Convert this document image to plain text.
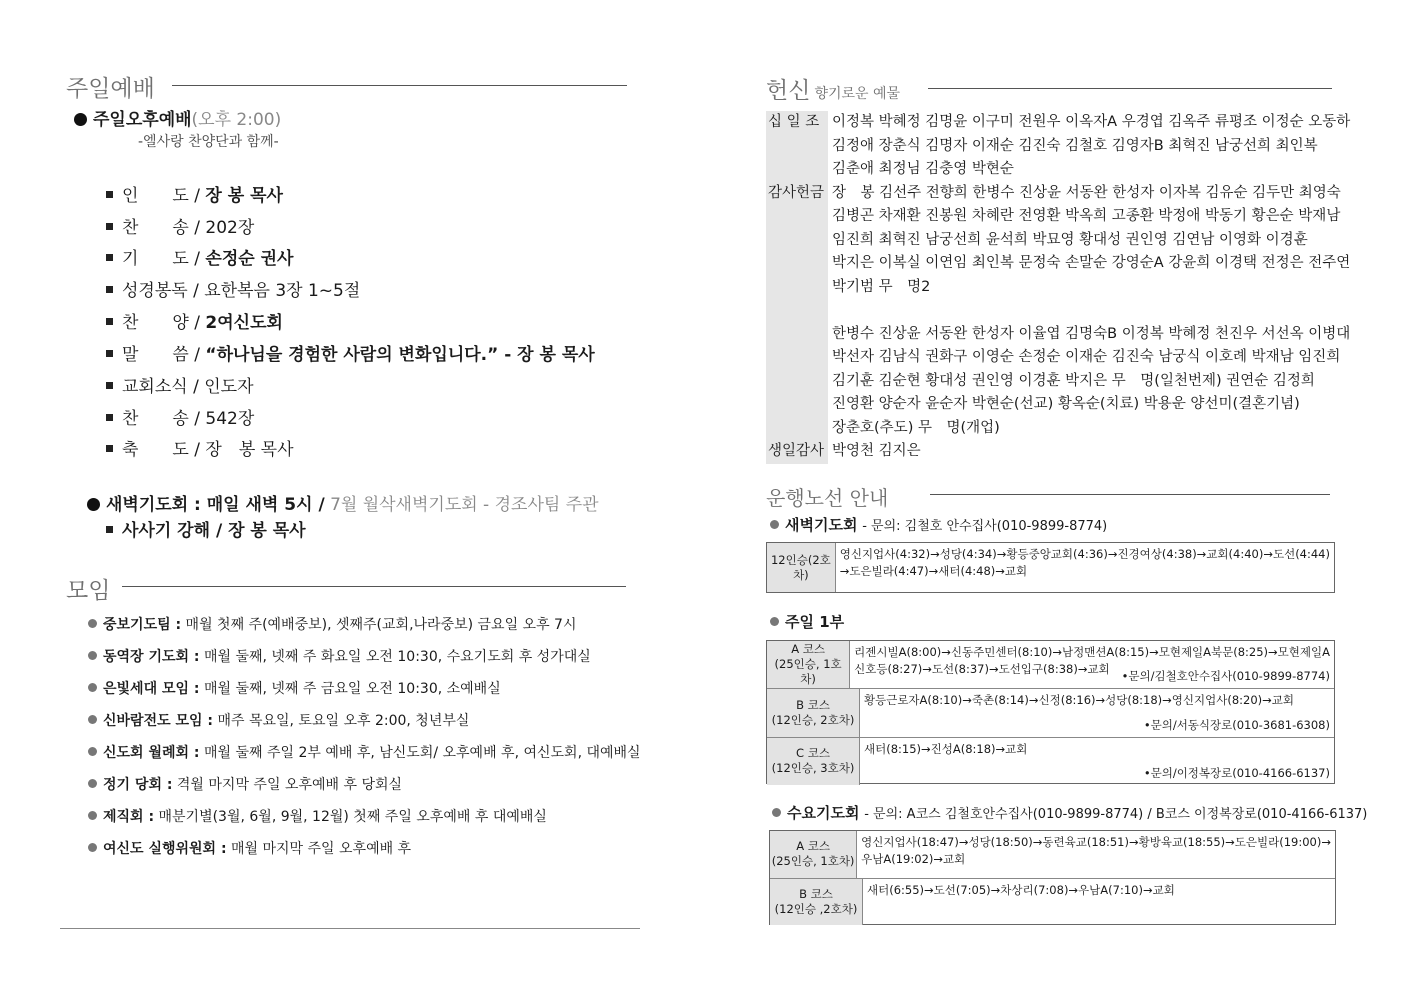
주일예배
주일오후예배(오후 2:00)
-엘사랑 찬양단과 함께-
인　　도 / 장 봉 목사
찬　　송 / 202장
기　　도 / 손정순 권사
성경봉독 / 요한복음 3장 1~5절
찬　　양 / 2여신도회
말　　씀 / “하나님을 경험한 사람의 변화입니다.” - 장 봉 목사
교회소식 / 인도자
찬　　송 / 542장
축　　도 / 장　봉 목사
새벽기도회 : 매일 새벽 5시 / 7월 월삭새벽기도회 - 경조사팀 주관
사사기 강해 / 장 봉 목사
모임
중보기도팀 : 매월 첫째 주(예배중보), 셋째주(교회,나라중보) 금요일 오후 7시
동역장 기도회 : 매월 둘째, 넷째 주 화요일 오전 10:30, 수요기도회 후 성가대실
은빛세대 모임 : 매월 둘째, 넷째 주 금요일 오전 10:30, 소예배실
신바람전도 모임 : 매주 목요일, 토요일 오후 2:00, 청년부실
신도회 월례회 : 매월 둘째 주일 2부 예배 후, 남신도회/ 오후예배 후, 여신도회, 대예배실
정기 당회 : 격월 마지막 주일 오후예배 후 당회실
제직회 : 매분기별(3월, 6월, 9월, 12월) 첫째 주일 오후예배 후 대예배실
여신도 실행위원회 : 매월 마지막 주일 오후예배 후
헌신 향기로운 예물
십 일 조 이정복 박혜정 김명윤 이구미 전원우 이옥자A 우경엽 김옥주 류평조 이정순 오동하
김정애 장춘식 김명자 이재순 김진숙 김철호 김영자B 최혁진 남궁선희 최인복
김춘애 최정님 김충영 박현순
감사헌금 장　봉 김선주 전향희 한병수 진상윤 서동완 한성자 이자복 김유순 김두만 최영숙
김병곤 차재환 진봉원 차혜란 전영환 박옥희 고종환 박정애 박동기 황은순 박재남
임진희 최혁진 남궁선희 윤석희 박묘영 황대성 권인영 김연남 이영화 이경훈
박지은 이복실 이연임 최인복 문정숙 손말순 강영순A 강윤희 이경택 전정은 전주연
박기범 무　명2

한병수 진상윤 서동완 한성자 이율엽 김명숙B 이정복 박혜정 천진우 서선옥 이병대
박선자 김남식 권화구 이영순 손정순 이재순 김진숙 남궁식 이호례 박재남 임진희
김기훈 김순현 황대성 권인영 이경훈 박지은 무　명(일천번제) 권연순 김정희
진영환 양순자 윤순자 박현순(선교) 황옥순(치료) 박용운 양선미(결혼기념)
장춘호(추도) 무　명(개업)
생일감사 박영천 김지은
운행노선 안내
새벽기도회 - 문의: 김철호 안수집사(010-9899-8774)
12인승(2호차)
영신지업사(4:32)→성당(4:34)→황등중앙교회(4:36)→진경여상(4:38)→교회(4:40)→도선(4:44)
→도은빌라(4:47)→새터(4:48)→교회
주일 1부
A 코스
(25인승, 1호차)
리젠시빌A(8:00)→신동주민센터(8:10)→남정맨션A(8:15)→모현제일A북문(8:25)→모현제일A
신호등(8:27)→도선(8:37)→도선입구(8:38)→교회
•문의/김철호안수집사(010-9899-8774)
B 코스
(12인승, 2호차)
황등근로자A(8:10)→죽촌(8:14)→신정(8:16)→성당(8:18)→영신지업사(8:20)→교회
•문의/서동식장로(010-3681-6308)
C 코스
(12인승, 3호차)
새터(8:15)→진성A(8:18)→교회
•문의/이정복장로(010-4166-6137)
수요기도회 - 문의: A코스 김철호안수집사(010-9899-8774) / B코스 이정복장로(010-4166-6137)
A 코스
(25인승, 1호차)
영신지업사(18:47)→성당(18:50)→동련육교(18:51)→황방육교(18:55)→도은빌라(19:00)→
우남A(19:02)→교회
B 코스
(12인승 ,2호차)
새터(6:55)→도선(7:05)→차상리(7:08)→우남A(7:10)→교회
